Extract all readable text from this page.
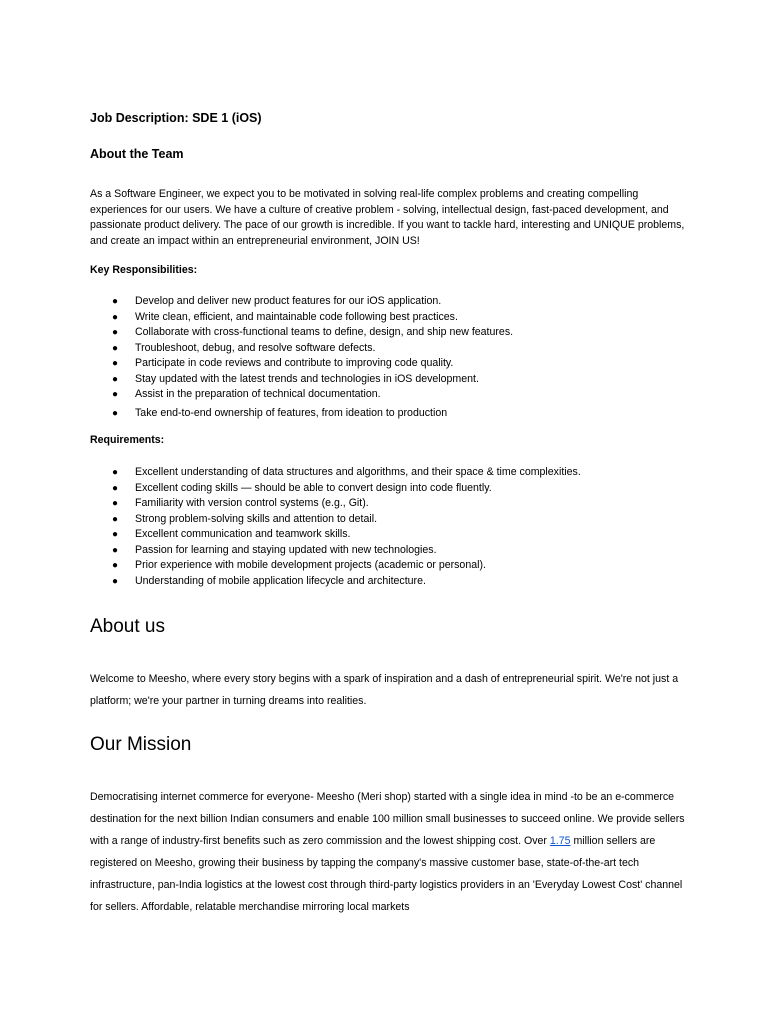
Job Description: SDE 1 (iOS)
About the Team
As a Software Engineer, we expect you to be motivated in solving real-life complex problems and creating compelling experiences for our users. We have a culture of creative problem - solving, intellectual design, fast-paced development, and passionate product delivery. The pace of our growth is incredible. If you want to tackle hard, interesting and UNIQUE problems, and create an impact within an entrepreneurial environment, JOIN US!
Key Responsibilities:
● Develop and deliver new product features for our iOS application.
● Write clean, efficient, and maintainable code following best practices.
● Collaborate with cross-functional teams to define, design, and ship new features.
● Troubleshoot, debug, and resolve software defects.
● Participate in code reviews and contribute to improving code quality.
● Stay updated with the latest trends and technologies in iOS development.
● Assist in the preparation of technical documentation.
● Take end-to-end ownership of features, from ideation to production
Requirements:
● Excellent understanding of data structures and algorithms, and their space & time complexities.
● Excellent coding skills — should be able to convert design into code fluently.
● Familiarity with version control systems (e.g., Git).
● Strong problem-solving skills and attention to detail.
● Excellent communication and teamwork skills.
● Passion for learning and staying updated with new technologies.
● Prior experience with mobile development projects (academic or personal).
● Understanding of mobile application lifecycle and architecture.
About us
Welcome to Meesho, where every story begins with a spark of inspiration and a dash of entrepreneurial spirit. We're not just a platform; we're your partner in turning dreams into realities.
Our Mission
Democratising internet commerce for everyone- Meesho (Meri shop) started with a single idea in mind -to be an e-commerce destination for the next billion Indian consumers and enable 100 million small businesses to succeed online. We provide sellers with a range of industry-first benefits such as zero commission and the lowest shipping cost. Over 1.75 million sellers are registered on Meesho, growing their business by tapping the company's massive customer base, state-of-the-art tech infrastructure, pan-India logistics at the lowest cost through third-party logistics providers in an 'Everyday Lowest Cost' channel for sellers. Affordable, relatable merchandise mirroring local markets
